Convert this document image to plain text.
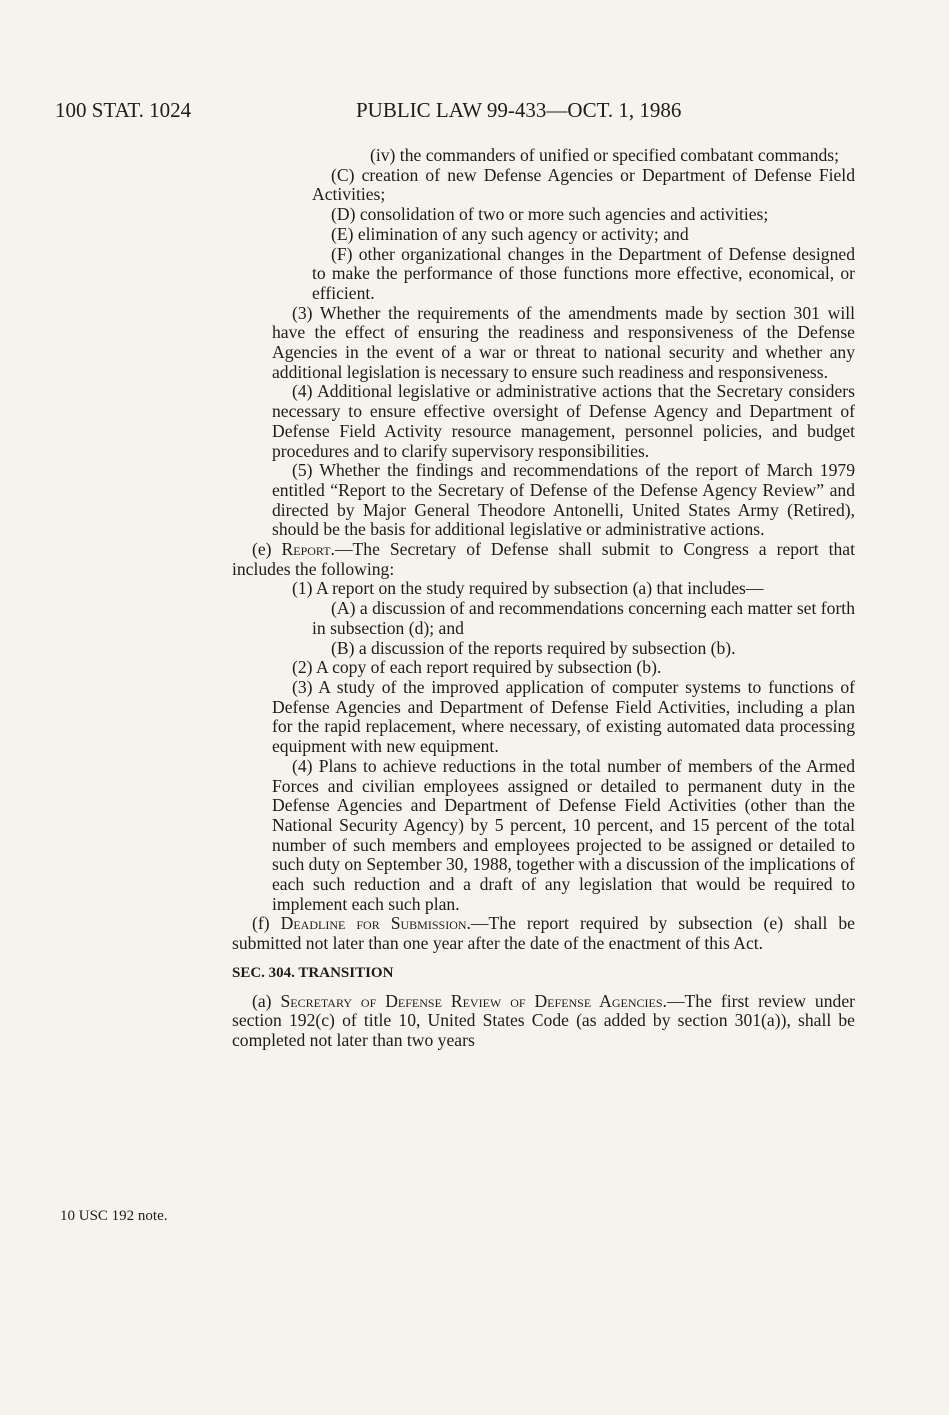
100 STAT. 1024	PUBLIC LAW 99-433—OCT. 1, 1986

(iv) the commanders of unified or specified combatant commands;

(C) creation of new Defense Agencies or Department of Defense Field Activities;

(D) consolidation of two or more such agencies and activities;

(E) elimination of any such agency or activity; and

(F) other organizational changes in the Department of Defense designed to make the performance of those functions more effective, economical, or efficient.

(3) Whether the requirements of the amendments made by section 301 will have the effect of ensuring the readiness and responsiveness of the Defense Agencies in the event of a war or threat to national security and whether any additional legislation is necessary to ensure such readiness and responsiveness.

(4) Additional legislative or administrative actions that the Secretary considers necessary to ensure effective oversight of Defense Agency and Department of Defense Field Activity resource management, personnel policies, and budget procedures and to clarify supervisory responsibilities.

(5) Whether the findings and recommendations of the report of March 1979 entitled “Report to the Secretary of Defense of the Defense Agency Review” and directed by Major General Theodore Antonelli, United States Army (Retired), should be the basis for additional legislative or administrative actions.

(e) Report.—The Secretary of Defense shall submit to Congress a report that includes the following:

(1) A report on the study required by subsection (a) that includes—

(A) a discussion of and recommendations concerning each matter set forth in subsection (d); and

(B) a discussion of the reports required by subsection (b).

(2) A copy of each report required by subsection (b).

(3) A study of the improved application of computer systems to functions of Defense Agencies and Department of Defense Field Activities, including a plan for the rapid replacement, where necessary, of existing automated data processing equipment with new equipment.

(4) Plans to achieve reductions in the total number of members of the Armed Forces and civilian employees assigned or detailed to permanent duty in the Defense Agencies and Department of Defense Field Activities (other than the National Security Agency) by 5 percent, 10 percent, and 15 percent of the total number of such members and employees projected to be assigned or detailed to such duty on September 30, 1988, together with a discussion of the implications of each such reduction and a draft of any legislation that would be required to implement each such plan.

(f) Deadline for Submission.—The report required by subsection (e) shall be submitted not later than one year after the date of the enactment of this Act.

SEC. 304. TRANSITION

(a) Secretary of Defense Review of Defense Agencies.—The first review under section 192(c) of title 10, United States Code (as added by section 301(a)), shall be completed not later than two years

10 USC 192 note.
